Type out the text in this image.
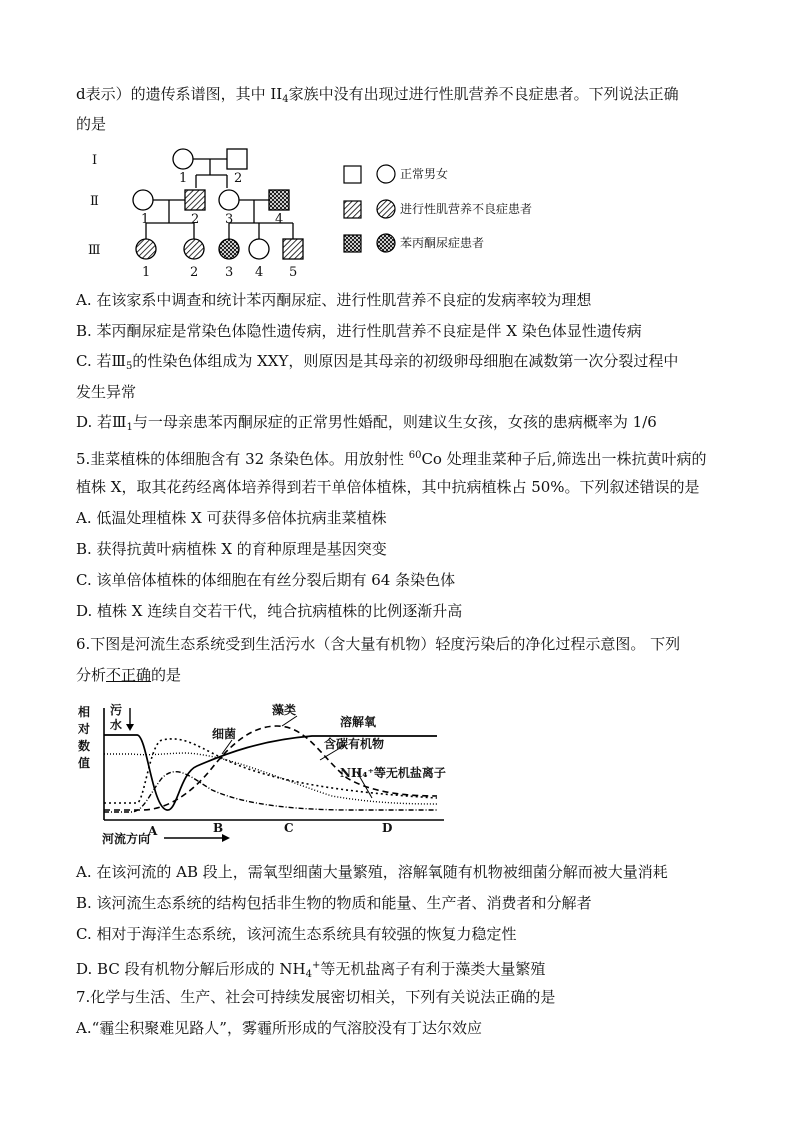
d表示）的遗传系谱图，其中 $II_4$家族中没有出现过进行性肌营养不良症患者。下列说法正确
的是
Ⅰ
Ⅱ
Ⅲ
1	2
1	2 3	4
1	2 3 4 5
正常男女
进行性肌营养不良症患者
苯丙酮尿症患者
A. 在该家系中调查和统计苯丙酮尿症、进行性肌营养不良症的发病率较为理想
B. 苯丙酮尿症是常染色体隐性遗传病，进行性肌营养不良症是伴 X 染色体显性遗传病
C. 若$Ⅲ_5$的性染色体组成为 XXY，则原因是其母亲的初级卵母细胞在减数第一次分裂过程中
发生异常
D. 若$Ⅲ_1$与一母亲患苯丙酮尿症的正常男性婚配，则建议生女孩，女孩的患病概率为 1/6
5.韭菜植株的体细胞含有 32 条染色体。用放射性 $^{60}$Co 处理韭菜种子后,筛选出一株抗黄叶病的
植株 X，取其花药经离体培养得到若干单倍体植株，其中抗病植株占 50%。下列叙述错误的是
A. 低温处理植株 X 可获得多倍体抗病韭菜植株
B. 获得抗黄叶病植株 X 的育种原理是基因突变
C. 该单倍体植株的体细胞在有丝分裂后期有 64 条染色体
D. 植株 X 连续自交若干代，纯合抗病植株的比例逐渐升高
6.下图是河流生态系统受到生活污水（含大量有机物）轻度污染后的净化过程示意图。 下列
分析不正确的是
相
对
数
值
污
水
藻类
细菌
溶解氧
含碳有机物
NH₄⁺等无机盐离子
A	B	C	D
河流方向
A. 在该河流的 AB 段上，需氧型细菌大量繁殖，溶解氧随有机物被细菌分解而被大量消耗
B. 该河流生态系统的结构包括非生物的物质和能量、生产者、消费者和分解者
C. 相对于海洋生态系统，该河流生态系统具有较强的恢复力稳定性
D. BC 段有机物分解后形成的 $NH_4^+$等无机盐离子有利于藻类大量繁殖
7.化学与生活、生产、社会可持续发展密切相关，下列有关说法正确的是
A.“霾尘积聚难见路人”，雾霾所形成的气溶胶没有丁达尔效应
